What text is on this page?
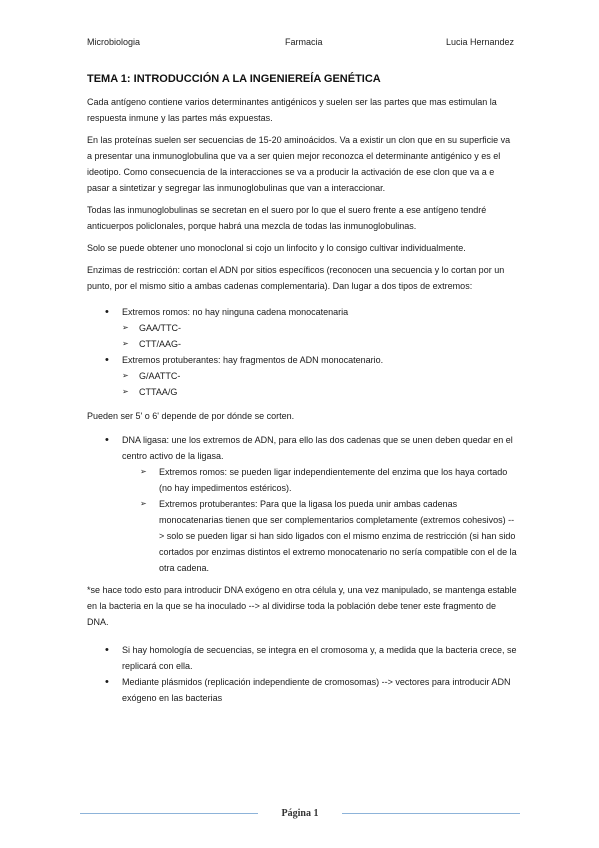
Microbiologia	Farmacia	Lucia Hernandez
TEMA 1: INTRODUCCIÓN A LA INGENIEREÍA GENÉTICA

Cada antígeno contiene varios determinantes antigénicos y suelen ser las partes que mas estimulan la respuesta inmune y las partes más expuestas.

En las proteínas suelen ser secuencias de 15-20 aminoácidos. Va a existir un clon que en su superficie va a presentar una inmunoglobulina que va a ser quien mejor reconozca el determinante antigénico y es el ideotipo. Como consecuencia de la interacciones se va a producir la activación de ese clon que va a e pasar a sintetizar y segregar las inmunoglobulinas que van a interaccionar.

Todas las inmunoglobulinas se secretan en el suero por lo que el suero frente a ese antígeno tendré anticuerpos policlonales, porque habrá una mezcla de todas las inmunoglobulinas.

Solo se puede obtener uno monoclonal si cojo un linfocito y lo consigo cultivar individualmente.

Enzimas de restricción: cortan el ADN por sitios específicos (reconocen una secuencia y lo cortan por un punto, por el mismo sitio a ambas cadenas complementaria). Dan lugar a dos tipos de extremos:

• Extremos romos: no hay ninguna cadena monocatenaria
➢ GAA/TTC-
➢ CTT/AAG-
• Extremos protuberantes: hay fragmentos de ADN monocatenario.
➢ G/AATTC-
➢ CTTAA/G

Pueden ser 5' o 6' depende de por dónde se corten.

• DNA ligasa: une los extremos de ADN, para ello las dos cadenas que se unen deben quedar en el centro activo de la ligasa.
➢ Extremos romos: se pueden ligar independientemente del enzima que los haya cortado (no hay impedimentos estéricos).
➢ Extremos protuberantes: Para que la ligasa los pueda unir ambas cadenas monocatenarias tienen que ser complementarios completamente (extremos cohesivos) --> solo se pueden ligar si han sido ligados con el mismo enzima de restricción (si han sido cortados por enzimas distintos el extremo monocatenario no sería compatible con el de la otra cadena.

*se hace todo esto para introducir DNA exógeno en otra célula y, una vez manipulado, se mantenga estable en la bacteria en la que se ha inoculado --> al dividirse toda la población debe tener este fragmento de DNA.

• Si hay homología de secuencias, se integra en el cromosoma y, a medida que la bacteria crece, se replicará con ella.
• Mediante plásmidos (replicación independiente de cromosomas) --> vectores para introducir ADN exógeno en las bacterias
Página 1
